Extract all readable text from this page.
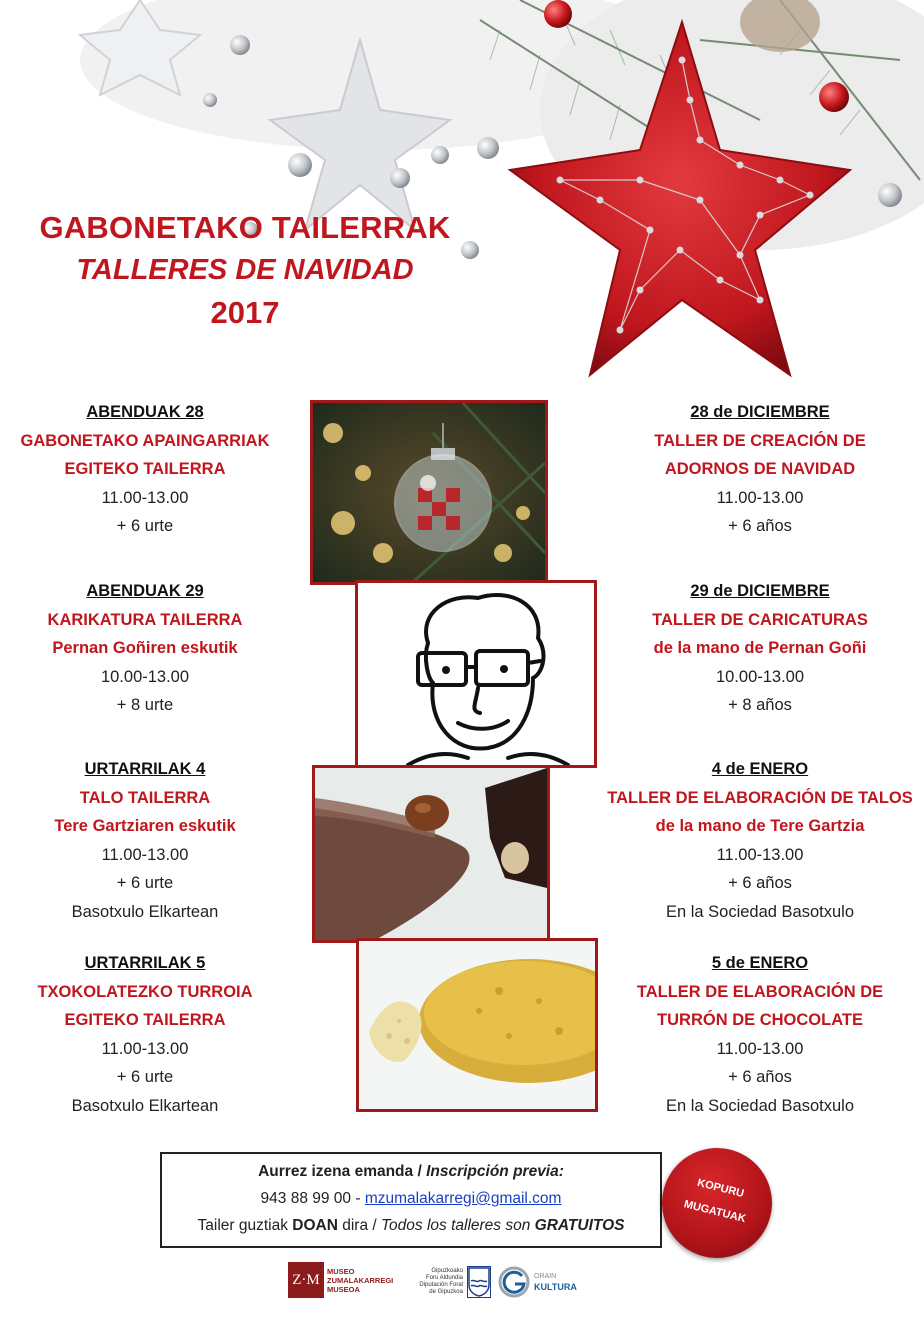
GABONETAKO TAILERRAK
TALLERES DE NAVIDAD
2017
ABENDUAK 28
GABONETAKO APAINGARRIAK
EGITEKO TAILERRA
11.00-13.00
+ 6 urte
28 de DICIEMBRE
TALLER DE CREACIÓN DE
ADORNOS DE NAVIDAD
11.00-13.00
+ 6 años
ABENDUAK 29
KARIKATURA TAILERRA
Pernan Goñiren eskutik
10.00-13.00
+ 8 urte
29 de DICIEMBRE
TALLER DE CARICATURAS
de la mano de Pernan Goñi
10.00-13.00
+ 8 años
URTARRILAK 4
TALO TAILERRA
Tere Gartziaren eskutik
11.00-13.00
+ 6 urte
Basotxulo Elkartean
4 de ENERO
TALLER DE ELABORACIÓN DE TALOS
de la mano de Tere Gartzia
11.00-13.00
+ 6 años
En la Sociedad Basotxulo
URTARRILAK 5
TXOKOLATEZKO TURROIA
EGITEKO TAILERRA
11.00-13.00
+ 6 urte
Basotxulo Elkartean
5 de ENERO
TALLER DE ELABORACIÓN DE
TURRÓN DE CHOCOLATE
11.00-13.00
+ 6 años
En la Sociedad Basotxulo
Aurrez izena emanda / Inscripción previa:
943 88 99 00 - mzumalakarregi@gmail.com
Tailer guztiak DOAN dira / Todos los talleres son GRATUITOS
KOPURU
MUGATUAK
Z·M
MUSEO
ZUMALAKARREGI
MUSEOA
Gipuzkoako
Foru Aldundia
Diputación Foral
de Gipuzkoa
ORAIN
KULTURA
